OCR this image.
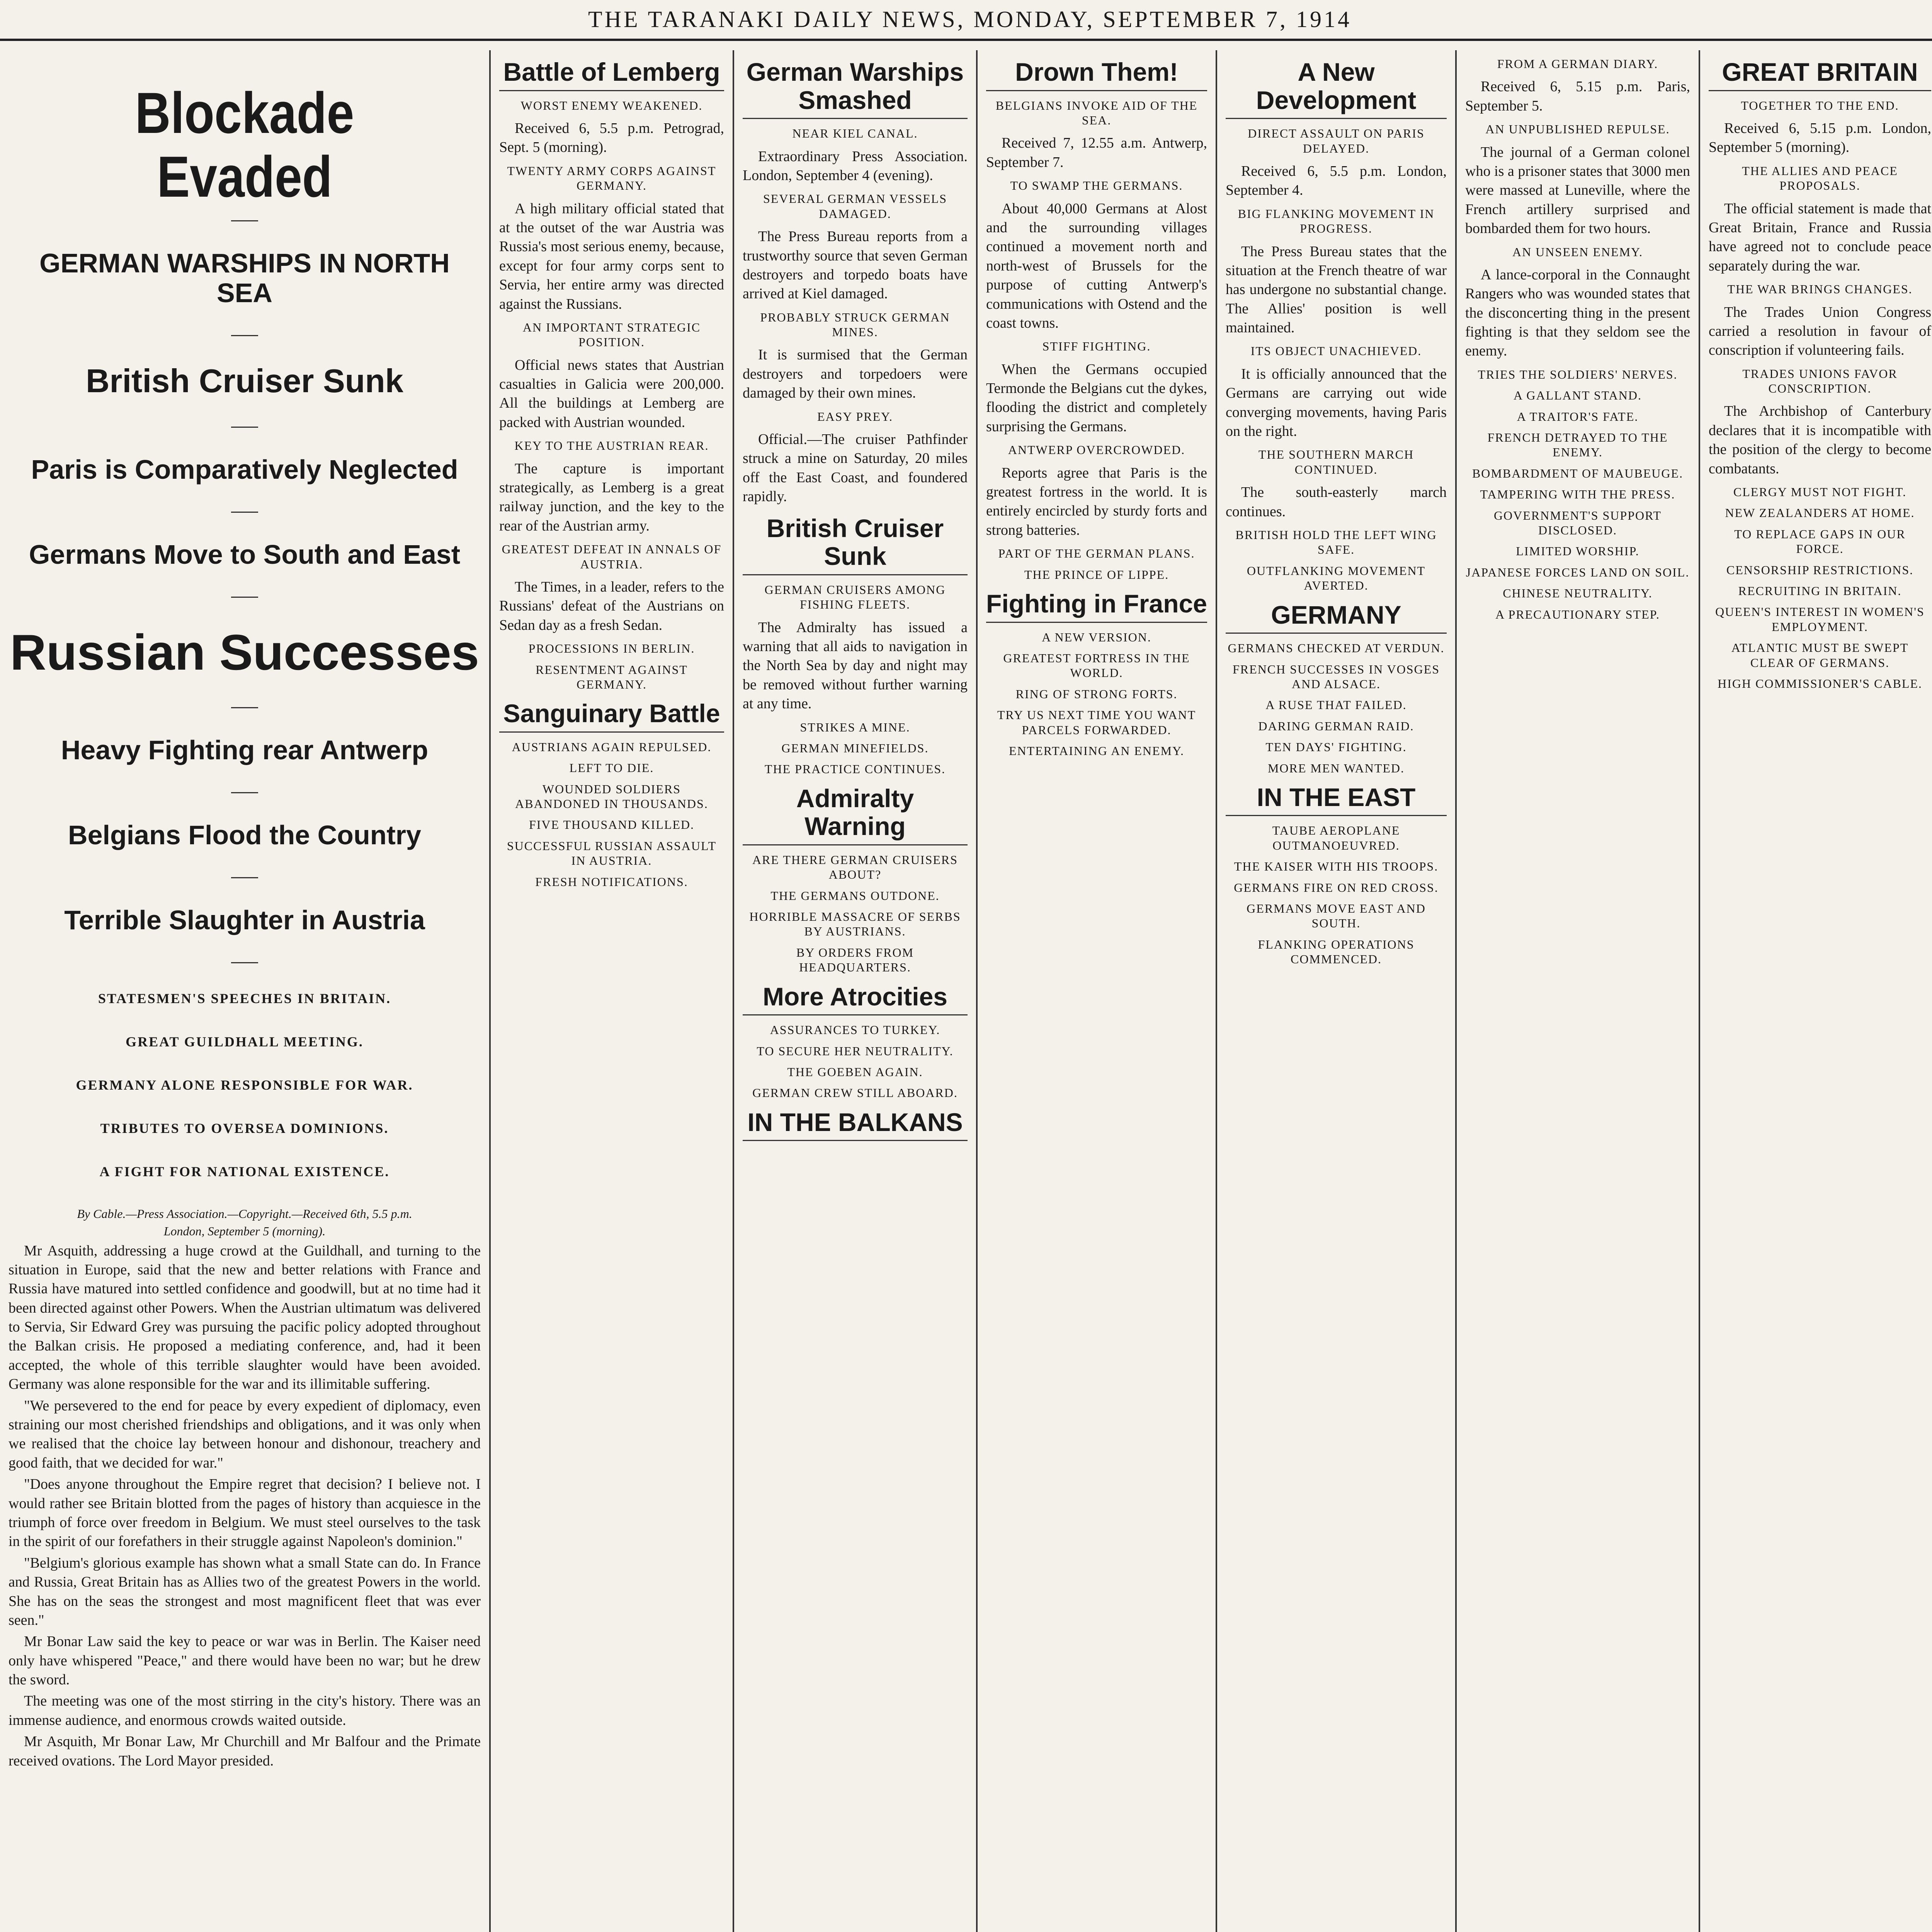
THE TARANAKI DAILY NEWS, MONDAY, SEPTEMBER 7, 1914
Blockade Evaded
GERMAN WARSHIPS IN NORTH SEA
British Cruiser Sunk
Paris is Comparatively Neglected
Germans Move to South and East
Russian Successes
Heavy Fighting rear Antwerp
Belgians Flood the Country
Terrible Slaughter in Austria
STATESMEN'S SPEECHES IN BRITAIN.
GREAT GUILDHALL MEETING.
GERMANY ALONE RESPONSIBLE FOR WAR.
TRIBUTES TO OVERSEA DOMINIONS.
A FIGHT FOR NATIONAL EXISTENCE.
By Cable.—Press Association.—Copyright.—Received 6th, 5.5 p.m.
London, September 5 (morning).

Mr Asquith, addressing a huge crowd at the Guildhall, and turning to the situation in Europe, said that the new and better relations with France and Russia have matured into settled confidence and goodwill, but at no time had it been directed against other Powers. When the Austrian ultimatum was delivered to Servia, Sir Edward Grey was pursuing the pacific policy adopted throughout the Balkan crisis. He proposed a mediating conference, and, had it been accepted, the whole of this terrible slaughter would have been avoided. Germany was alone responsible for the war and its illimitable suffering.

"We persevered to the end for peace by every expedient of diplomacy, even straining our most cherished friendships and obligations, and it was only when we realised that the choice lay between honour and dishonour, treachery and good faith, that we decided for war."

"Does anyone throughout the Empire regret that decision? I believe not. I would rather see Britain blotted from the pages of history than acquiesce in the triumph of force over freedom in Belgium. We must steel ourselves to the task in the spirit of our forefathers in their struggle against Napoleon's dominion."

"Belgium's glorious example has shown what a small State can do. In France and Russia, Great Britain has as Allies two of the greatest Powers in the world. She has on the seas the strongest and most magnificent fleet that was ever seen."

Mr Bonar Law said the key to peace or war was in Berlin. The Kaiser need only have whispered "Peace," and there would have been no war; but he drew the sword.

The meeting was one of the most stirring in the city's history. There was an immense audience, and enormous crowds waited outside.

Mr Asquith, Mr Bonar Law, Mr Churchill and Mr Balfour and the Primate received ovations. The Lord Mayor presided.

Battle of Lemberg
WORST ENEMY WEAKENED.

Received 6, 5.5 p.m. Petrograd, Sept. 5 (morning).

TWENTY ARMY CORPS AGAINST GERMANY.

A high military official stated that at the outset of the war Austria was Russia's most serious enemy, because, except for four army corps sent to Servia, her entire army was directed against the Russians.

AN IMPORTANT STRATEGIC POSITION.

Official news states that Austrian casualties in Galicia were 200,000. All the buildings at Lemberg are packed with Austrian wounded.

KEY TO THE AUSTRIAN REAR.

The capture is important strategically, as Lemberg is a great railway junction, and the key to the rear of the Austrian army.

GREATEST DEFEAT IN ANNALS OF AUSTRIA.

The Times, in a leader, refers to the Russians' defeat of the Austrians on Sedan day as a fresh Sedan.

PROCESSIONS IN BERLIN.
RESENTMENT AGAINST GERMANY.
Sanguinary Battle
AUSTRIANS AGAIN REPULSED.
LEFT TO DIE.
WOUNDED SOLDIERS ABANDONED IN THOUSANDS.
FIVE THOUSAND KILLED.
SUCCESSFUL RUSSIAN ASSAULT IN AUSTRIA.
FRESH NOTIFICATIONS.
German Warships Smashed
NEAR KIEL CANAL.

Extraordinary Press Association. London, September 4 (evening).

SEVERAL GERMAN VESSELS DAMAGED.

The Press Bureau reports from a trustworthy source that seven German destroyers and torpedo boats have arrived at Kiel damaged.

PROBABLY STRUCK GERMAN MINES.

It is surmised that the German destroyers and torpedoers were damaged by their own mines.

EASY PREY.

Official.—The cruiser Pathfinder struck a mine on Saturday, 20 miles off the East Coast, and foundered rapidly.

British Cruiser Sunk
GERMAN CRUISERS AMONG FISHING FLEETS.

The Admiralty has issued a warning that all aids to navigation in the North Sea by day and night may be removed without further warning at any time.

STRIKES A MINE.
GERMAN MINEFIELDS.
THE PRACTICE CONTINUES.
Admiralty Warning
ARE THERE GERMAN CRUISERS ABOUT?
THE GERMANS OUTDONE.
HORRIBLE MASSACRE OF SERBS BY AUSTRIANS.
BY ORDERS FROM HEADQUARTERS.
More Atrocities
ASSURANCES TO TURKEY.
TO SECURE HER NEUTRALITY.
THE GOEBEN AGAIN.
GERMAN CREW STILL ABOARD.
IN THE BALKANS
Drown Them!
BELGIANS INVOKE AID OF THE SEA.

Received 7, 12.55 a.m. Antwerp, September 7.

TO SWAMP THE GERMANS.

About 40,000 Germans at Alost and the surrounding villages continued a movement north and north-west of Brussels for the purpose of cutting Antwerp's communications with Ostend and the coast towns.

STIFF FIGHTING.

When the Germans occupied Termonde the Belgians cut the dykes, flooding the district and completely surprising the Germans.

ANTWERP OVERCROWDED.

Reports agree that Paris is the greatest fortress in the world. It is entirely encircled by sturdy forts and strong batteries.

PART OF THE GERMAN PLANS.
THE PRINCE OF LIPPE.
Fighting in France
A NEW VERSION.
GREATEST FORTRESS IN THE WORLD.
RING OF STRONG FORTS.
TRY US NEXT TIME YOU WANT PARCELS FORWARDED.
ENTERTAINING AN ENEMY.
A New Development
DIRECT ASSAULT ON PARIS DELAYED.

Received 6, 5.5 p.m. London, September 4.

BIG FLANKING MOVEMENT IN PROGRESS.

The Press Bureau states that the situation at the French theatre of war has undergone no substantial change. The Allies' position is well maintained.

ITS OBJECT UNACHIEVED.

It is officially announced that the Germans are carrying out wide converging movements, having Paris on the right.

THE SOUTHERN MARCH CONTINUED.

The south-easterly march continues.

BRITISH HOLD THE LEFT WING SAFE.
OUTFLANKING MOVEMENT AVERTED.
GERMANY
GERMANS CHECKED AT VERDUN.
FRENCH SUCCESSES IN VOSGES AND ALSACE.
A RUSE THAT FAILED.
DARING GERMAN RAID.
TEN DAYS' FIGHTING.
MORE MEN WANTED.
IN THE EAST
TAUBE AEROPLANE OUTMANOEUVRED.
THE KAISER WITH HIS TROOPS.
GERMANS FIRE ON RED CROSS.
GERMANS MOVE EAST AND SOUTH.
FLANKING OPERATIONS COMMENCED.
FROM A GERMAN DIARY.

Received 6, 5.15 p.m. Paris, September 5.

AN UNPUBLISHED REPULSE.

The journal of a German colonel who is a prisoner states that 3000 men were massed at Luneville, where the French artillery surprised and bombarded them for two hours.

AN UNSEEN ENEMY.

A lance-corporal in the Connaught Rangers who was wounded states that the disconcerting thing in the present fighting is that they seldom see the enemy.

TRIES THE SOLDIERS' NERVES.
A GALLANT STAND.
A TRAITOR'S FATE.
FRENCH DETRAYED TO THE ENEMY.
BOMBARDMENT OF MAUBEUGE.
TAMPERING WITH THE PRESS.
GOVERNMENT'S SUPPORT DISCLOSED.
LIMITED WORSHIP.
JAPANESE FORCES LAND ON SOIL.
CHINESE NEUTRALITY.
A PRECAUTIONARY STEP.
GREAT BRITAIN
TOGETHER TO THE END.

Received 6, 5.15 p.m. London, September 5 (morning).

THE ALLIES AND PEACE PROPOSALS.

The official statement is made that Great Britain, France and Russia have agreed not to conclude peace separately during the war.

THE WAR BRINGS CHANGES.

The Trades Union Congress carried a resolution in favour of conscription if volunteering fails.

TRADES UNIONS FAVOR CONSCRIPTION.

The Archbishop of Canterbury declares that it is incompatible with the position of the clergy to become combatants.

CLERGY MUST NOT FIGHT.
NEW ZEALANDERS AT HOME.
TO REPLACE GAPS IN OUR FORCE.
CENSORSHIP RESTRICTIONS.
RECRUITING IN BRITAIN.
QUEEN'S INTEREST IN WOMEN'S EMPLOYMENT.
ATLANTIC MUST BE SWEPT CLEAR OF GERMANS.
HIGH COMMISSIONER'S CABLE.
